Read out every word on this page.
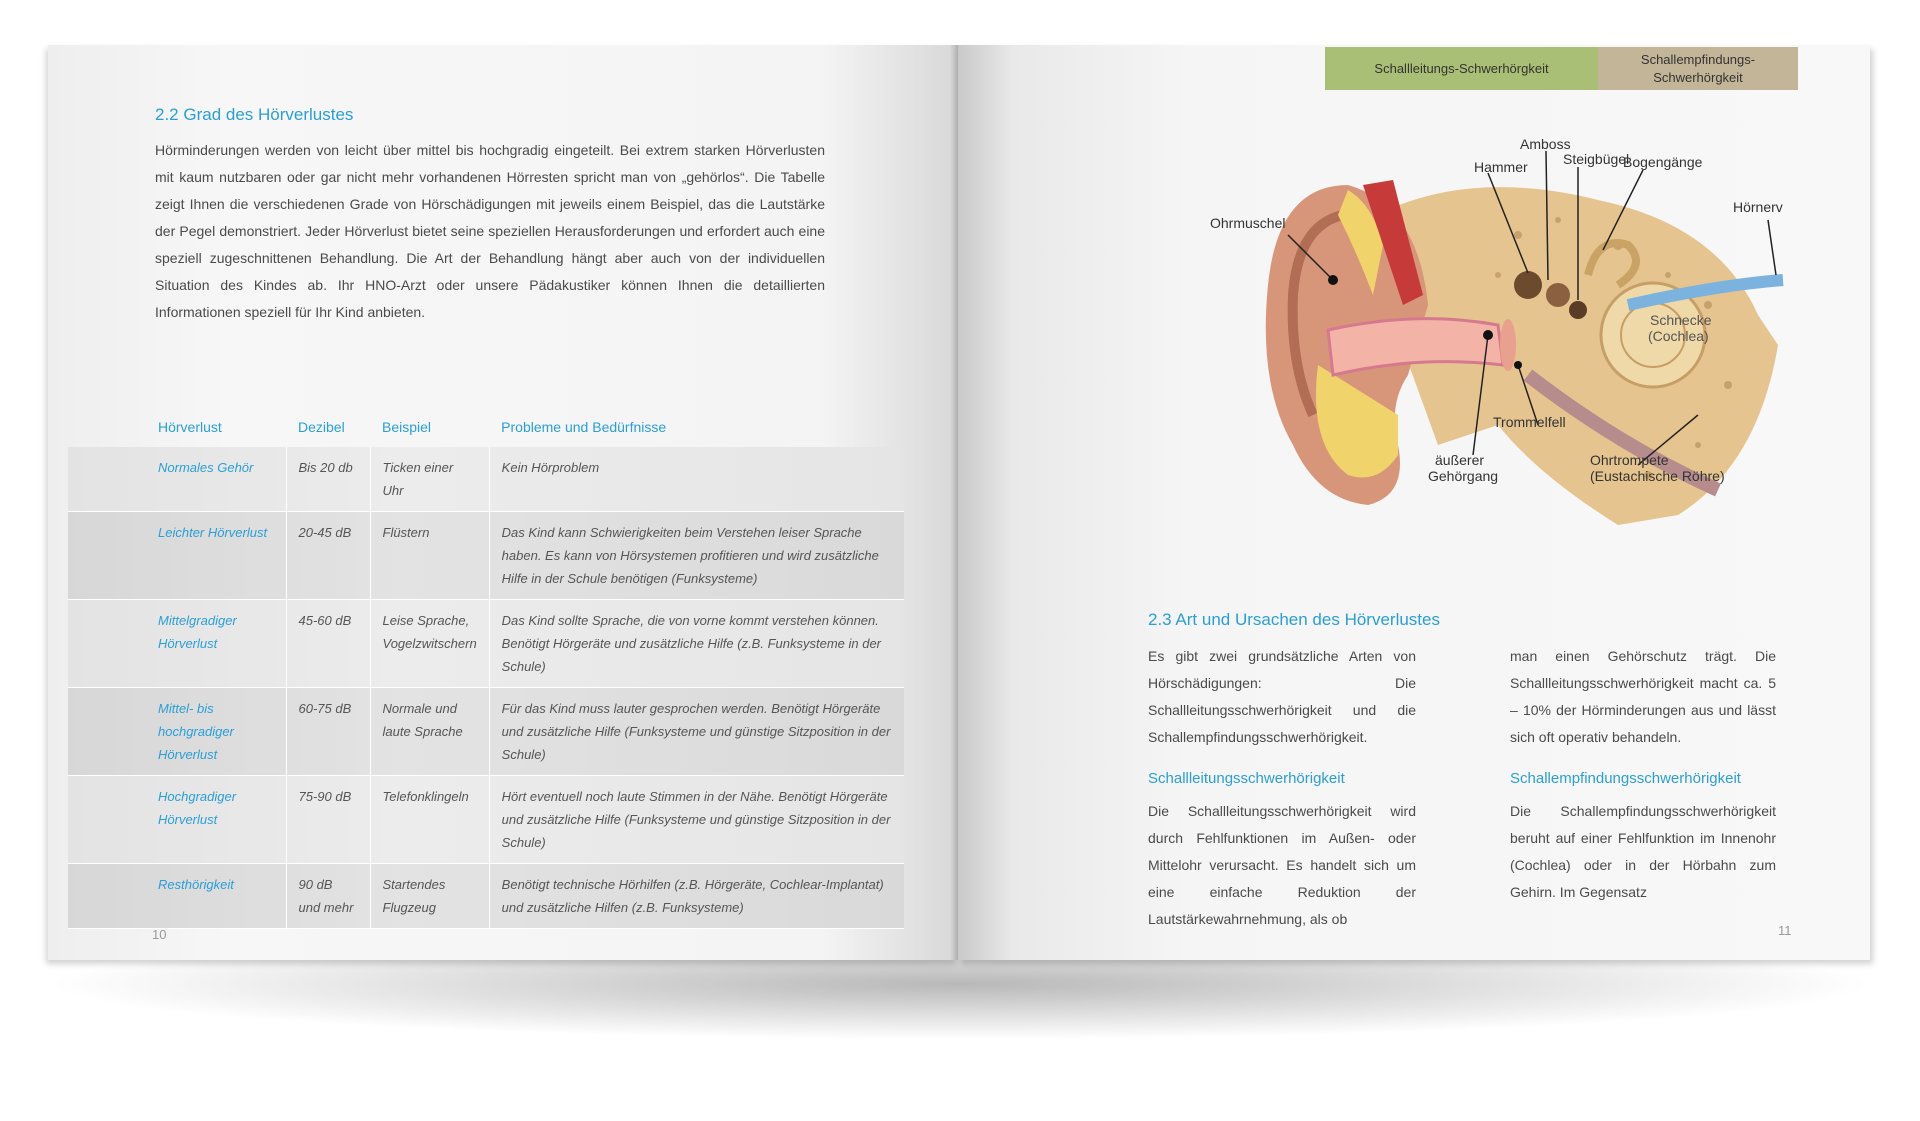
2.2 Grad des Hörverlustes
Hörminderungen werden von leicht über mittel bis hochgradig eingeteilt. Bei extrem starken Hörverlusten mit kaum nutzbaren oder gar nicht mehr vorhandenen Hörresten spricht man von „gehörlos“. Die Tabelle zeigt Ihnen die verschiedenen Grade von Hörschädigungen mit jeweils einem Beispiel, das die Lautstärke der Pegel demonstriert. Jeder Hörverlust bietet seine speziellen Herausforderungen und erfordert auch eine speziell zugeschnittenen Behandlung. Die Art der Behandlung hängt aber auch von der individuellen Situation des Kindes ab. Ihr HNO-Arzt oder unsere Pädakustiker können Ihnen die detaillierten Informationen speziell für Ihr Kind anbieten.
Hörverlust	Dezibel	Beispiel	Probleme und Bedürfnisse
Normales Gehör	Bis 20 db	Ticken einer Uhr	Kein Hörproblem
Leichter Hörverlust	20-45 dB	Flüstern	Das Kind kann Schwierigkeiten beim Verstehen leiser Sprache haben. Es kann von Hörsystemen profitieren und wird zusätzliche Hilfe in der Schule benötigen (Funksysteme)
Mittelgradiger Hörverlust	45-60 dB	Leise Sprache, Vogelzwitschern	Das Kind sollte Sprache, die von vorne kommt verstehen können. Benötigt Hörgeräte und zusätzliche Hilfe (z.B. Funksysteme in der Schule)
Mittel- bis hochgradiger Hörverlust	60-75 dB	Normale und laute Sprache	Für das Kind muss lauter gesprochen werden. Benötigt Hörgeräte und zusätzliche Hilfe (Funksysteme und günstige Sitzposition in der Schule)
Hochgradiger Hörverlust	75-90 dB	Telefonklingeln	Hört eventuell noch laute Stimmen in der Nähe. Benötigt Hörgeräte und zusätzliche Hilfe (Funksysteme und günstige Sitzposition in der Schule)
Resthörigkeit	90 dB und mehr	Startendes Flugzeug	Benötigt technische Hörhilfen (z.B. Hörgeräte, Cochlear-Implantat) und zusätzliche Hilfen (z.B. Funksysteme)
10
Schallleitungs-Schwerhörgkeit
Schallempfindungs-Schwerhörgkeit
Amboss
Hammer	Steigbügel
Bogengänge
Hörnerv
Ohrmuschel
Schnecke
(Cochlea)
Trommelfell
äußerer
Gehörgang
Ohrtrompete
(Eustachische Röhre)
2.3 Art und Ursachen des Hörverlustes
Es gibt zwei grundsätzliche Arten von Hörschädigungen: Die Schallleitungsschwerhörigkeit und die Schallempfindungsschwerhörigkeit.
Schallleitungsschwerhörigkeit
Die Schallleitungsschwerhörigkeit wird durch Fehlfunktionen im Außen- oder Mittelohr verursacht. Es handelt sich um eine einfache Reduktion der Lautstärkewahrnehmung, als ob
man einen Gehörschutz trägt. Die Schallleitungsschwerhörigkeit macht ca. 5 – 10% der Hörminderungen aus und lässt sich oft operativ behandeln.
Schallempfindungsschwerhörigkeit
Die Schallempfindungsschwerhörigkeit beruht auf einer Fehlfunktion im Innenohr (Cochlea) oder in der Hörbahn zum Gehirn. Im Gegensatz
11
